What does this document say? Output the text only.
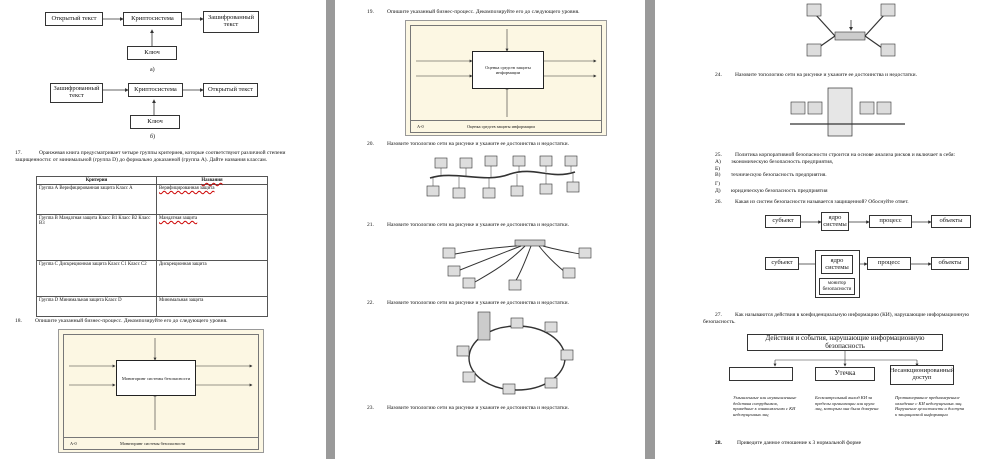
Открытый текст	Криптосистема	Зашифрованный текст
Ключ
а)
Зашифрованный текст
Криптосистема	Открытый текст
Ключ
б)
17.	Оранжевая книга предусматривает четыре группы критериев, которые соответствуют различной степени защищенности: от минимальной (группа D) до формально доказанной (группа А). Дайте названия классам.
Критерии	Названия
Группа А Верифицированная защита Класс А	Верифицированная защита
Группа В Мандатная защита Класс В1 Класс В2 Класс В3	Мандатная защита
Группа С Дискреционная защита Класс С1 Класс С2	Дискреционная защита
Группа D Минимальная защита Класс D	Минимальная защита
18. Опишите указанный бизнес-процесс. Декомпозируйте его до следующего уровня.
Мониторинг системы безопасности
А-0	Мониторинг системы безопасности
19. Опишите указанный бизнес-процесс. Декомпозируйте его до следующего уровня.
Оценка средств защиты информации
А-0	Оценка средств защиты информации
20. Назовите топологию сети на рисунке и укажите ее достоинства и недостатки.
21. Назовите топологию сети на рисунке и укажите ее достоинства и недостатки.
22. Назовите топологию сети на рисунке и укажите ее достоинства и недостатки.
23. Назовите топологию сети на рисунке и укажите ее достоинства и недостатки.
24. Назовите топологию сети на рисунке и укажите ее достоинства и недостатки.
25. Политика корпоративной безопасности строится на основе анализа рисков и включает в себя:
А) экономическую безопасность предприятия,
Б)
В) техническую безопасность предприятия.
Г)
Д) юридическую безопасность предприятия
26. Какая из систем безопасности называется защищенной? Обоснуйте ответ.
субъект	ядро системы	процесс	объекты
субъект	ядро системы
процесс	объекты
монитор безопасности
27.	Как называются действия в конфиденциальную информацию (КИ), нарушающие информационную безопасность.
Действия и события, нарушающие информационную безопасность
Утечка	Несанкционированный доступ
Умышленные или неумышленные действия сотрудников, приведшие к ознакомлению с КИ недопущенных лиц
Бесконтрольный выход КИ за пределы организации или круга лиц, которым она была доверена
Противоправное преднамеренное овладение с КИ недопущенных лиц. Нарушение целостности и доступа к защищаемой информации
28.	Приведите данное отношение к 3 нормальной форме
